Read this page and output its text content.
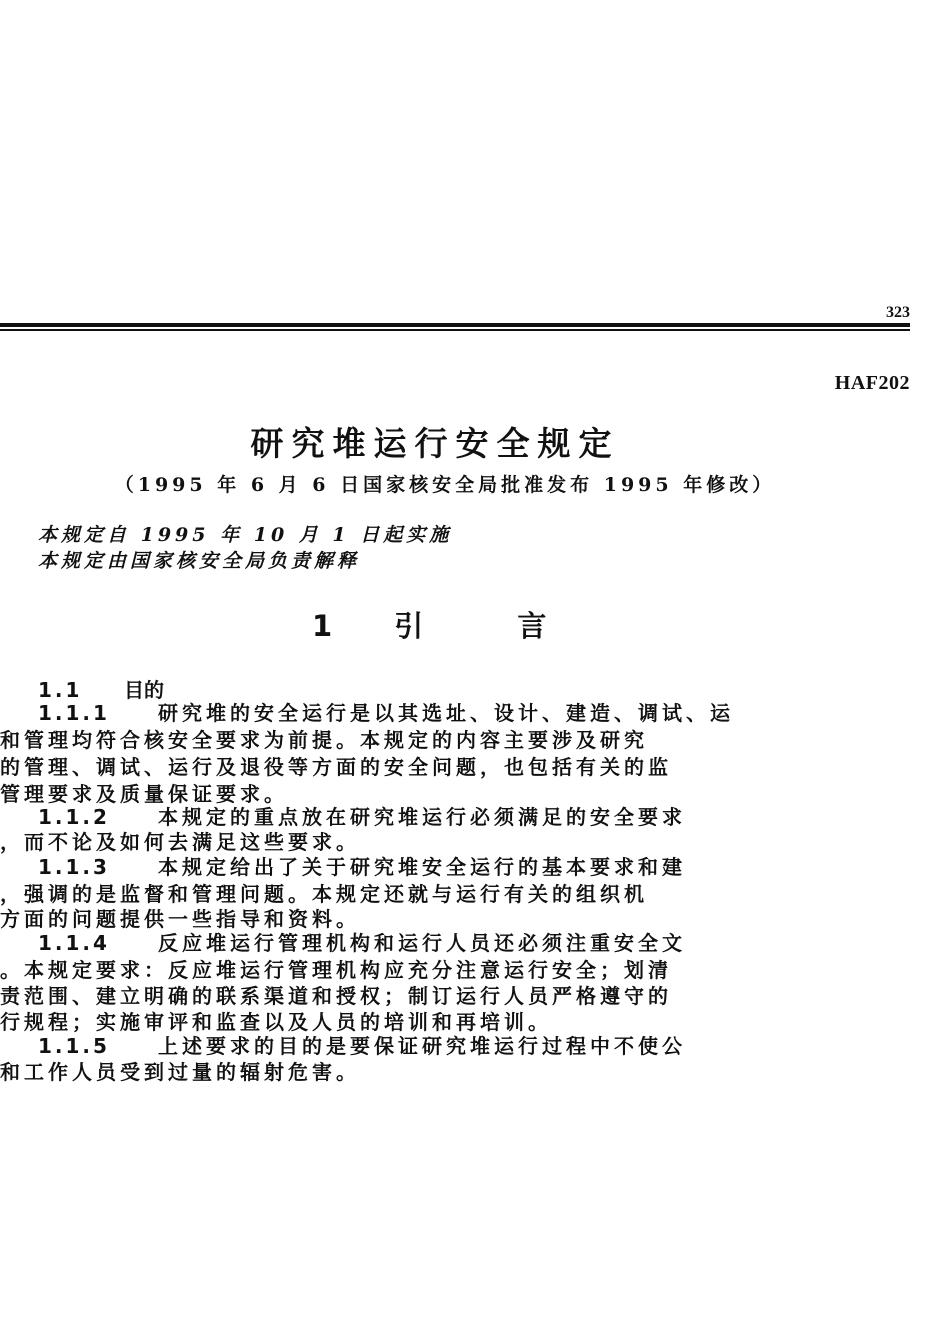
323
HAF202
研究堆运行安全规定
（1995 年 6 月 6 日国家核安全局批准发布 1995 年修改）
本规定自 1995 年 10 月 1 日起实施
本规定由国家核安全局负责解释
1 引	言
1.1 目的
1.1.1 研究堆的安全运行是以其选址、设计、建造、调试、运
和管理均符合核安全要求为前提。本规定的内容主要涉及研究
的管理、调试、运行及退役等方面的安全问题，也包括有关的监
管理要求及质量保证要求。
1.1.2 本规定的重点放在研究堆运行必须满足的安全要求
，而不论及如何去满足这些要求。
1.1.3 本规定给出了关于研究堆安全运行的基本要求和建
，强调的是监督和管理问题。本规定还就与运行有关的组织机
方面的问题提供一些指导和资料。
1.1.4 反应堆运行管理机构和运行人员还必须注重安全文
。本规定要求：反应堆运行管理机构应充分注意运行安全；划清
责范围、建立明确的联系渠道和授权；制订运行人员严格遵守的
行规程；实施审评和监查以及人员的培训和再培训。
1.1.5 上述要求的目的是要保证研究堆运行过程中不使公
和工作人员受到过量的辐射危害。
